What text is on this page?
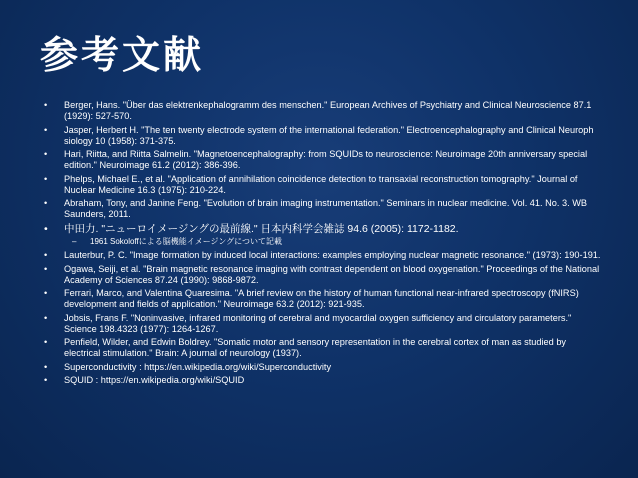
参考文献
• Berger, Hans. "Über das elektrenkephalogramm des menschen." European Archives of Psychiatry and Clinical Neuroscience 87.1 (1929): 527-570.
• Jasper, Herbert H. "The ten twenty electrode system of the international federation." Electroencephalography and Clinical Neuroph siology 10 (1958): 371-375.
• Hari, Riitta, and Riitta Salmelin. "Magnetoencephalography: from SQUIDs to neuroscience: Neuroimage 20th anniversary special edition." Neuroimage 61.2 (2012): 386-396.
• Phelps, Michael E., et al. "Application of annihilation coincidence detection to transaxial reconstruction tomography." Journal of Nuclear Medicine 16.3 (1975): 210-224.
• Abraham, Tony, and Janine Feng. "Evolution of brain imaging instrumentation." Seminars in nuclear medicine. Vol. 41. No. 3. WB Saunders, 2011.
• 中田力. "ニューロイメージングの最前線." 日本内科学会雑誌 94.6 (2005): 1172-1182.
– 1961 Sokoloffによる脳機能イメージングについて記載
• Lauterbur, P. C. "Image formation by induced local interactions: examples employing nuclear magnetic resonance." (1973): 190-191.
• Ogawa, Seiji, et al. "Brain magnetic resonance imaging with contrast dependent on blood oxygenation." Proceedings of the National Academy of Sciences 87.24 (1990): 9868-9872.
• Ferrari, Marco, and Valentina Quaresima. "A brief review on the history of human functional near-infrared spectroscopy (fNIRS) development and fields of application." Neuroimage 63.2 (2012): 921-935.
• Jobsis, Frans F. "Noninvasive, infrared monitoring of cerebral and myocardial oxygen sufficiency and circulatory parameters." Science 198.4323 (1977): 1264-1267.
• Penfield, Wilder, and Edwin Boldrey. "Somatic motor and sensory representation in the cerebral cortex of man as studied by electrical stimulation." Brain: A journal of neurology (1937).
• Superconductivity : https://en.wikipedia.org/wiki/Superconductivity
• SQUID : https://en.wikipedia.org/wiki/SQUID
